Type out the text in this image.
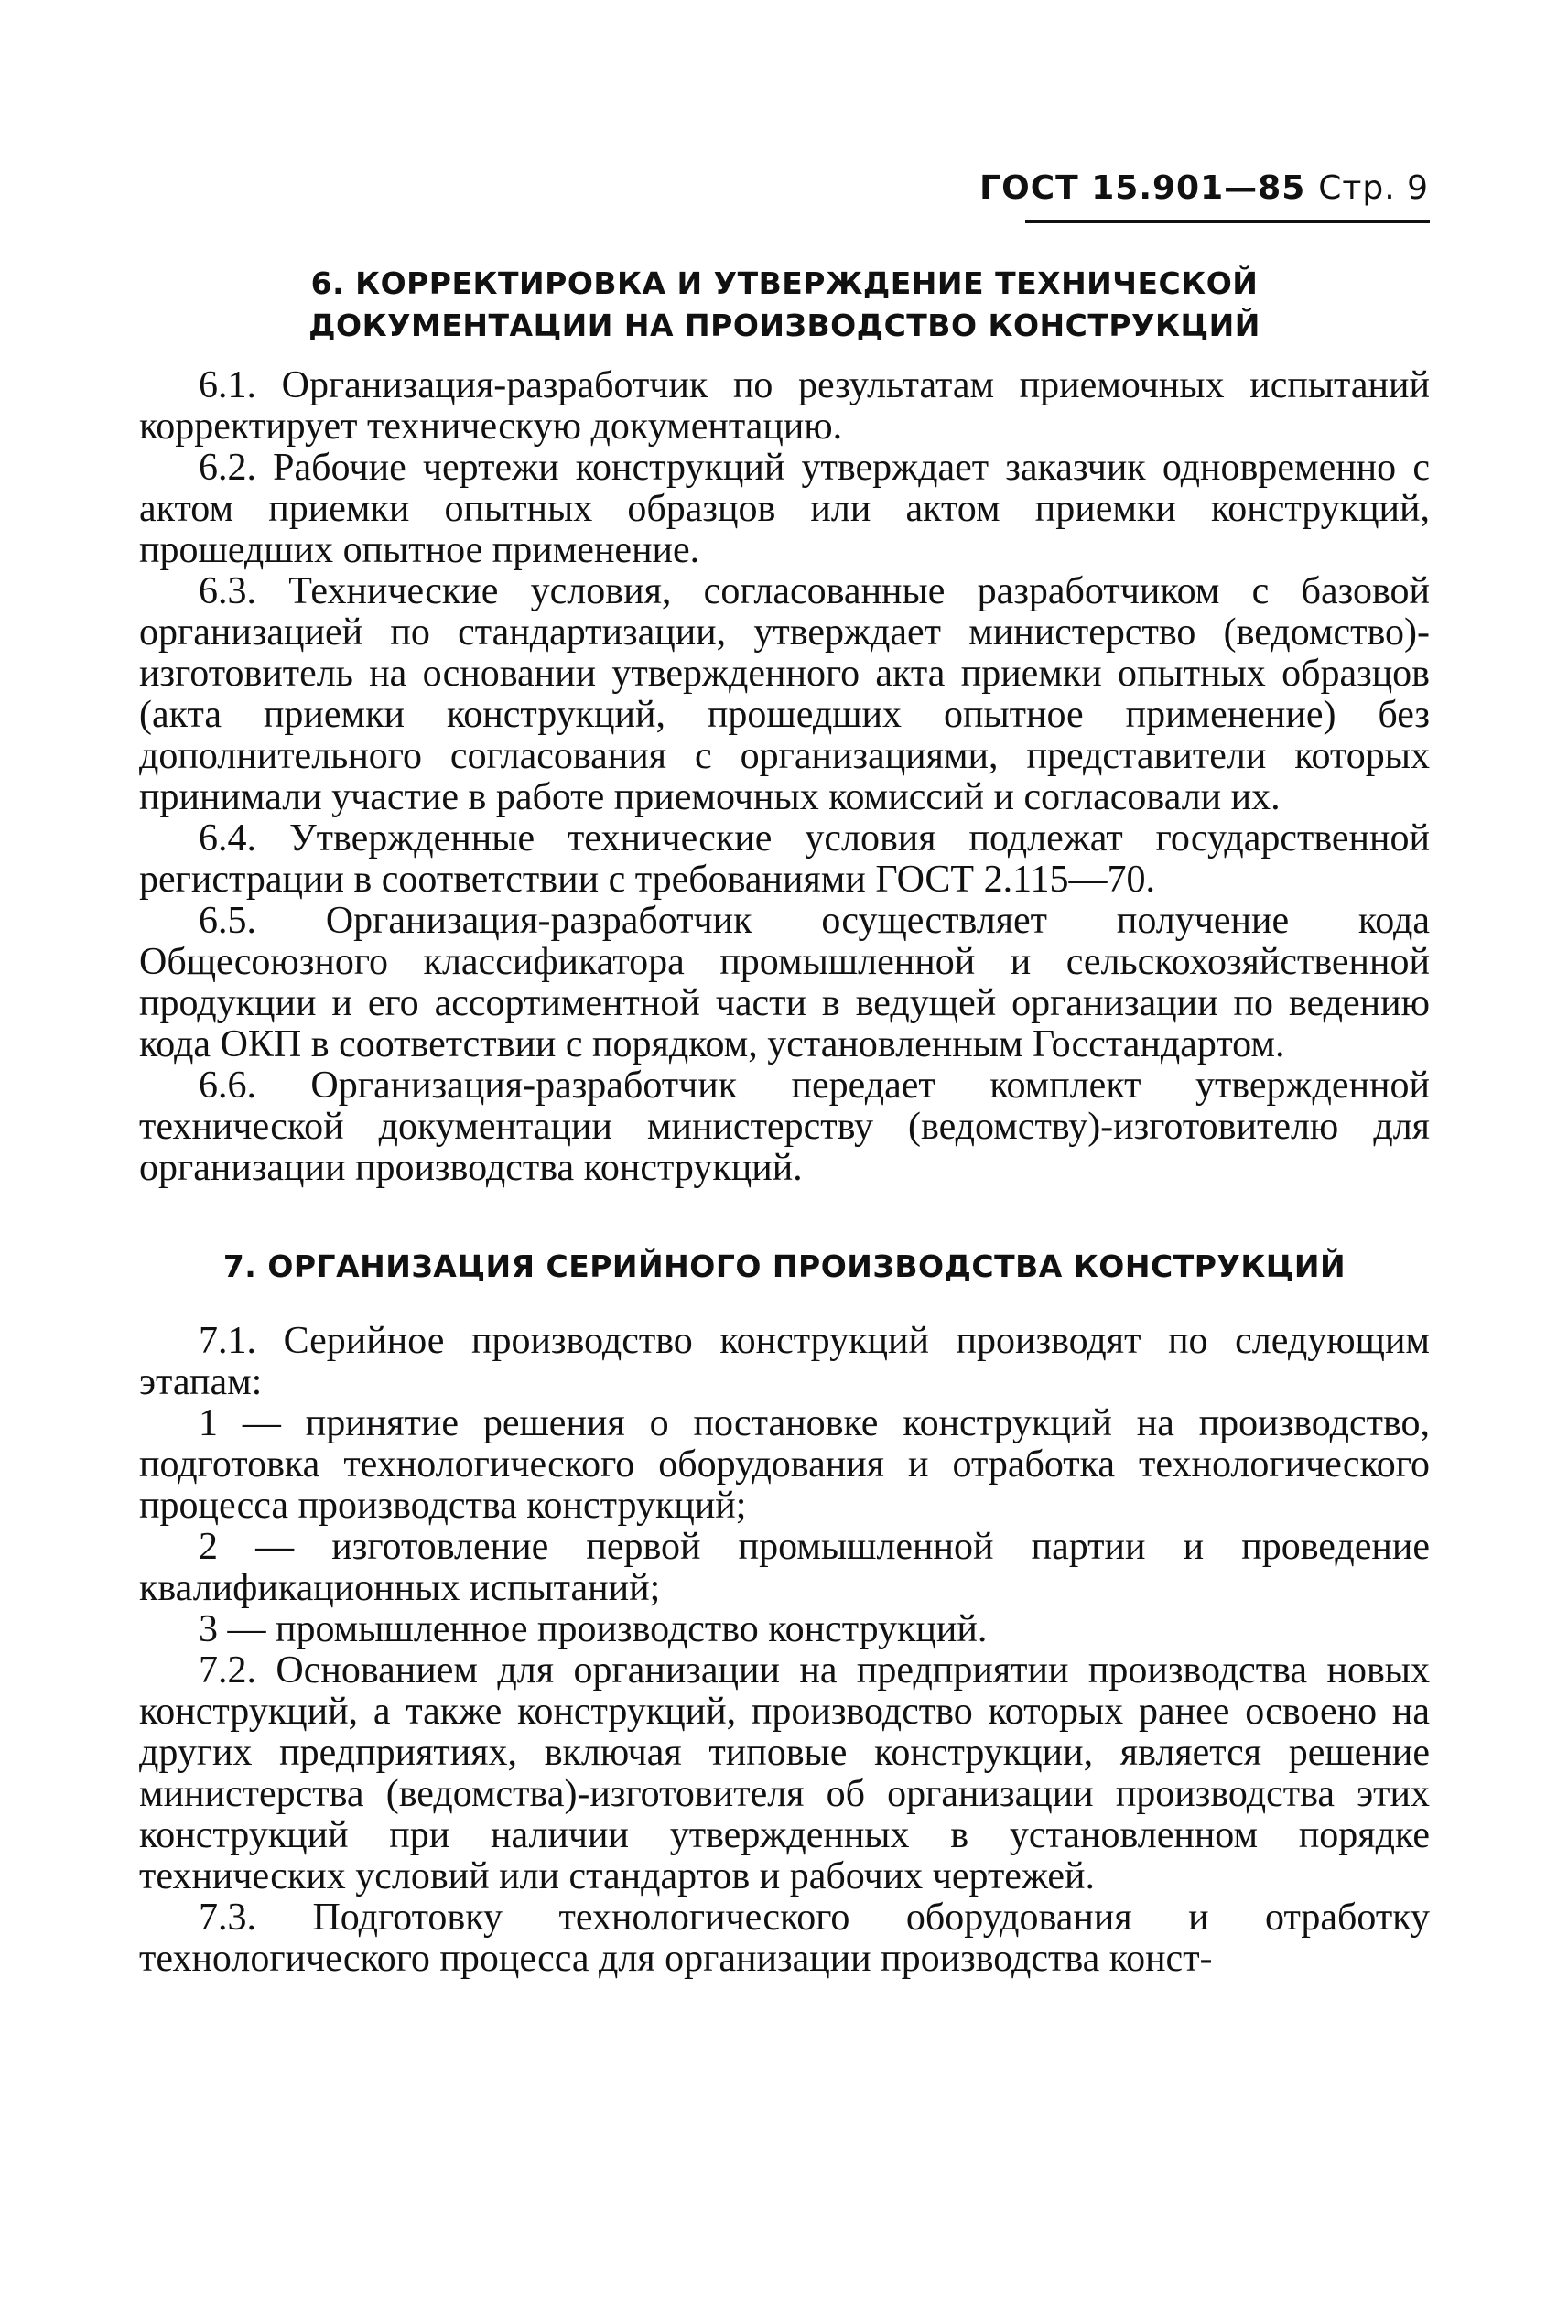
ГОСТ 15.901—85 Стр. 9
6. КОРРЕКТИРОВКА И УТВЕРЖДЕНИЕ ТЕХНИЧЕСКОЙ
ДОКУМЕНТАЦИИ НА ПРОИЗВОДСТВО КОНСТРУКЦИЙ

6.1. Организация-разработчик по результатам приемочных испытаний корректирует техническую документацию.

6.2. Рабочие чертежи конструкций утверждает заказчик одновременно с актом приемки опытных образцов или актом приемки конструкций, прошедших опытное применение.

6.3. Технические условия, согласованные разработчиком с базовой организацией по стандартизации, утверждает министерство (ведомство)-изготовитель на основании утвержденного акта приемки опытных образцов (акта приемки конструкций, прошедших опытное применение) без дополнительного согласования с организациями, представители которых принимали участие в работе приемочных комиссий и согласовали их.

6.4. Утвержденные технические условия подлежат государственной регистрации в соответствии с требованиями ГОСТ 2.115—70.

6.5. Организация-разработчик осуществляет получение кода Общесоюзного классификатора промышленной и сельскохозяйственной продукции и его ассортиментной части в ведущей организации по ведению кода ОКП в соответствии с порядком, установленным Госстандартом.

6.6. Организация-разработчик передает комплект утвержденной технической документации министерству (ведомству)-изготовителю для организации производства конструкций.

7. ОРГАНИЗАЦИЯ СЕРИЙНОГО ПРОИЗВОДСТВА КОНСТРУКЦИЙ

7.1. Серийное производство конструкций производят по следующим этапам:

1 — принятие решения о постановке конструкций на производство, подготовка технологического оборудования и отработка технологического процесса производства конструкций;

2 — изготовление первой промышленной партии и проведение квалификационных испытаний;

3 — промышленное производство конструкций.

7.2. Основанием для организации на предприятии производства новых конструкций, а также конструкций, производство которых ранее освоено на других предприятиях, включая типовые конструкции, является решение министерства (ведомства)-изготовителя об организации производства этих конструкций при наличии утвержденных в установленном порядке технических условий или стандартов и рабочих чертежей.

7.3. Подготовку технологического оборудования и отработку технологического процесса для организации производства конст-
